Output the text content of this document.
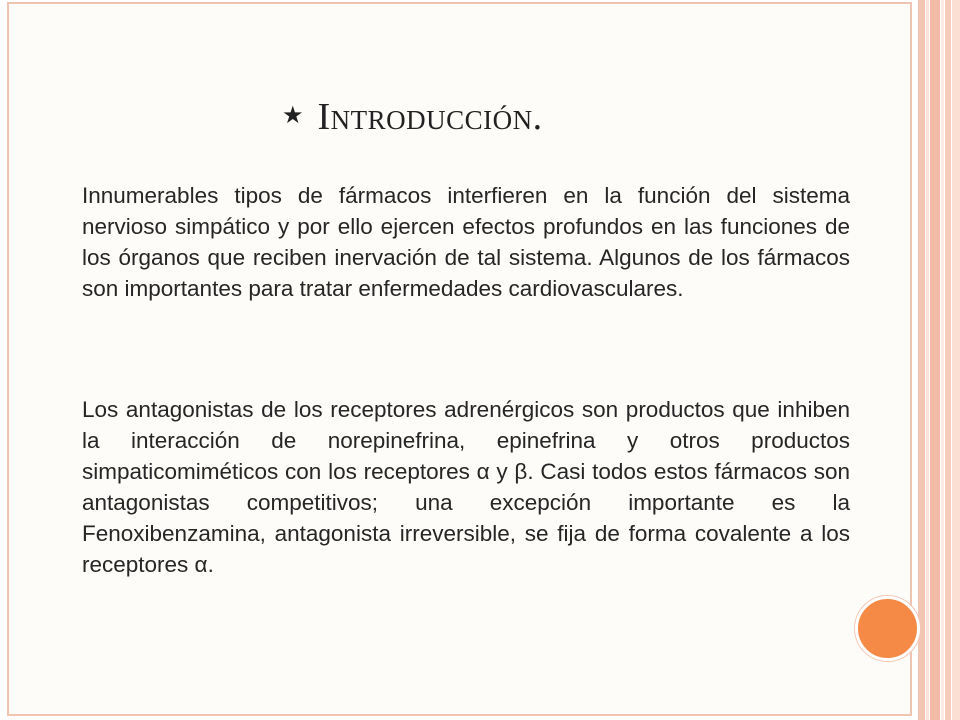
★ Introducción.

Innumerables tipos de fármacos interfieren en la función del sistema nervioso simpático y por ello ejercen efectos profundos en las funciones de los órganos que reciben inervación de tal sistema. Algunos de los fármacos son importantes para tratar enfermedades cardiovasculares.

Los antagonistas de los receptores adrenérgicos son productos que inhiben la interacción de norepinefrina, epinefrina y otros productos simpaticomiméticos con los receptores α y β. Casi todos estos fármacos son antagonistas competitivos; una excepción importante es la Fenoxibenzamina, antagonista irreversible, se fija de forma covalente a los receptores α.
